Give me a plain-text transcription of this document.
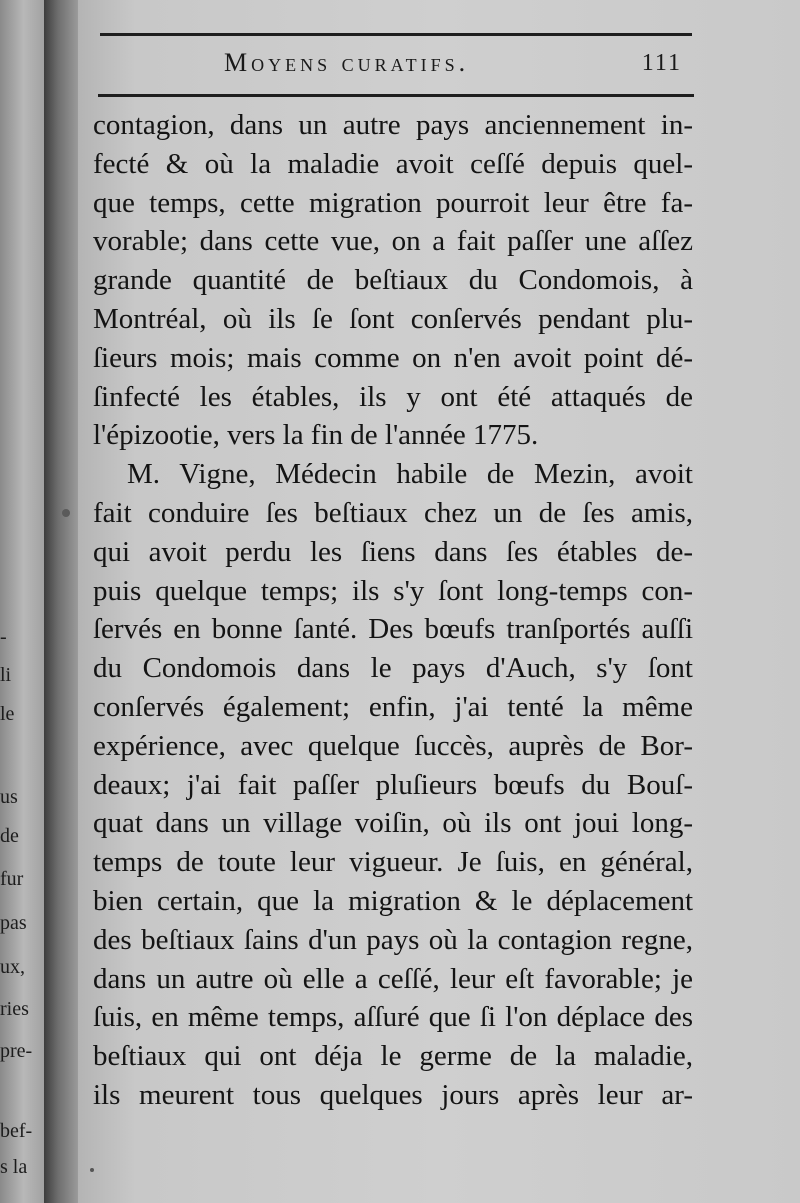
-
li
le
us
de
fur
pas
ux,
ries
pre-
bef-
s la
Moyens curatifs.	111
contagion, dans un autre pays anciennement in-
fecté & où la maladie avoit ceſſé depuis quel-
que temps, cette migration pourroit leur être fa-
vorable; dans cette vue, on a fait paſſer une aſſez
grande quantité de beſtiaux du Condomois, à
Montréal, où ils ſe ſont conſervés pendant plu-
ſieurs mois; mais comme on n'en avoit point dé-
ſinfecté les étables, ils y ont été attaqués de
l'épizootie, vers la fin de l'année 1775.
M. Vigne, Médecin habile de Mezin, avoit
fait conduire ſes beſtiaux chez un de ſes amis,
qui avoit perdu les ſiens dans ſes étables de-
puis quelque temps; ils s'y ſont long-temps con-
ſervés en bonne ſanté. Des bœufs tranſportés auſſi
du Condomois dans le pays d'Auch, s'y ſont
conſervés également; enfin, j'ai tenté la même
expérience, avec quelque ſuccès, auprès de Bor-
deaux; j'ai fait paſſer pluſieurs bœufs du Bouſ-
quat dans un village voiſin, où ils ont joui long-
temps de toute leur vigueur. Je ſuis, en général,
bien certain, que la migration & le déplacement
des beſtiaux ſains d'un pays où la contagion regne,
dans un autre où elle a ceſſé, leur eſt favorable; je
ſuis, en même temps, aſſuré que ſi l'on déplace des
beſtiaux qui ont déja le germe de la maladie,
ils meurent tous quelques jours après leur ar-
